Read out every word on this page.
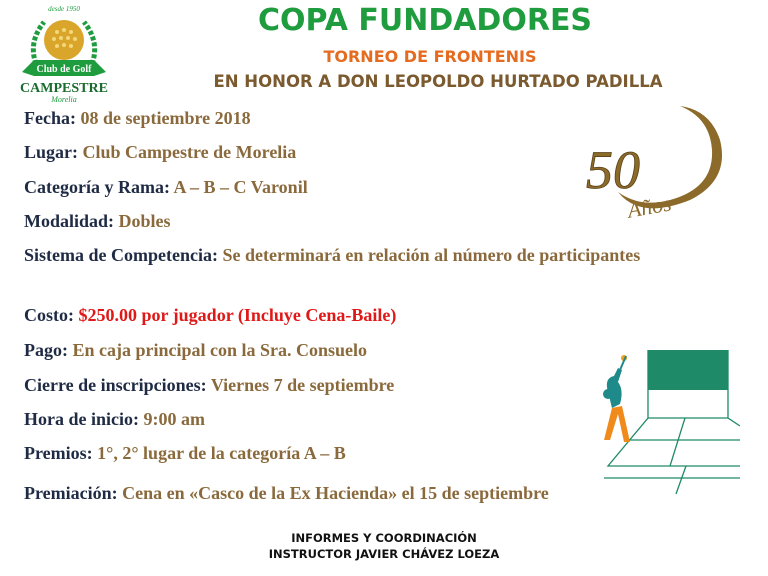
desde 1950
Club de Golf
CAMPESTRE
Morelia
COPA FUNDADORES
TORNEO DE FRONTENIS
EN HONOR A DON LEOPOLDO HURTADO PADILLA
Fecha: 08 de septiembre 2018
Lugar: Club Campestre de Morelia
Categoría y Rama: A – B – C Varonil
Modalidad: Dobles
Sistema de Competencia: Se determinará en relación al número de participantes
Costo: $250.00 por jugador (Incluye Cena-Baile)
Pago: En caja principal con la Sra. Consuelo
Cierre de inscripciones: Viernes 7 de septiembre
Hora de inicio: 9:00 am
Premios: 1°, 2° lugar de la categoría A – B
Premiación: Cena en «Casco de la Ex Hacienda» el 15 de septiembre
50
Años
INFORMES Y COORDINACIÓN
INSTRUCTOR JAVIER CHÁVEZ LOEZA
